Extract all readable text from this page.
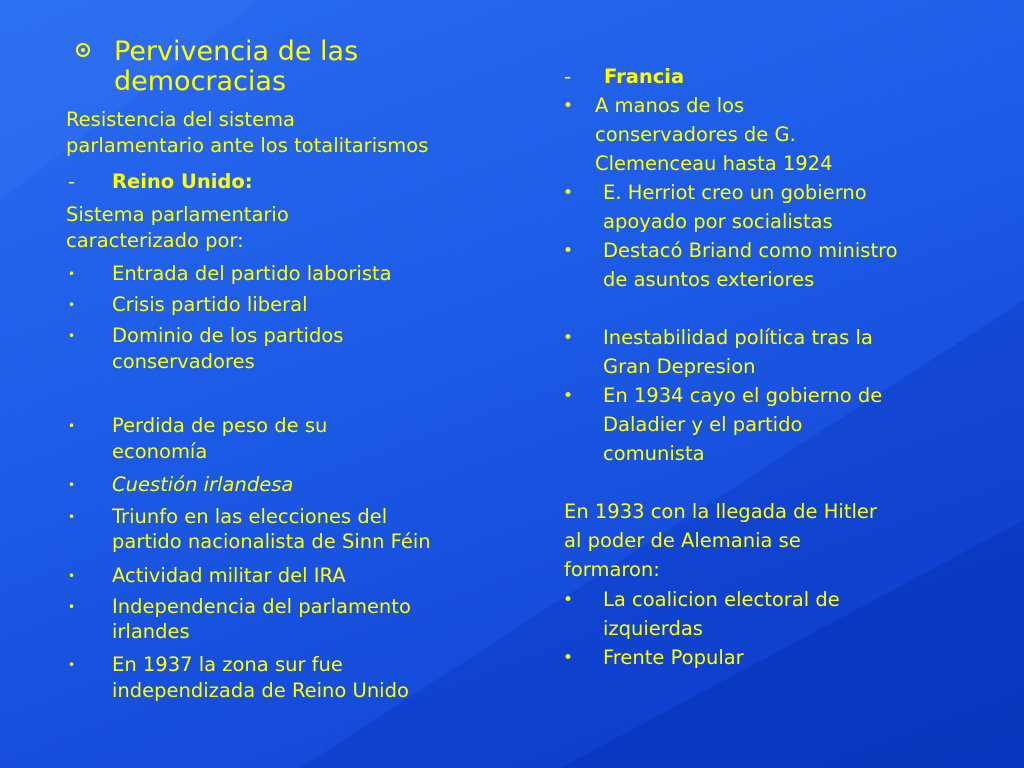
Pervivencia de las
democracias
Resistencia del sistema
parlamentario ante los totalitarismos
- Reino Unido:
Sistema parlamentario
caracterizado por:
• Entrada del partido laborista
• Crisis partido liberal
• Dominio de los partidos
conservadores
• Perdida de peso de su
economía
• Cuestión irlandesa
• Triunfo en las elecciones del
partido nacionalista de Sinn Féin
• Actividad militar del IRA
• Independencia del parlamento
irlandes
• En 1937 la zona sur fue
independizada de Reino Unido
- Francia
• A manos de los
conservadores de G.
Clemenceau hasta 1924
• E. Herriot creo un gobierno
apoyado por socialistas
• Destacó Briand como ministro
de asuntos exteriores
• Inestabilidad política tras la
Gran Depresion
• En 1934 cayo el gobierno de
Daladier y el partido
comunista
En 1933 con la llegada de Hitler
al poder de Alemania se
formaron:
• La coalicion electoral de
izquierdas
• Frente Popular
